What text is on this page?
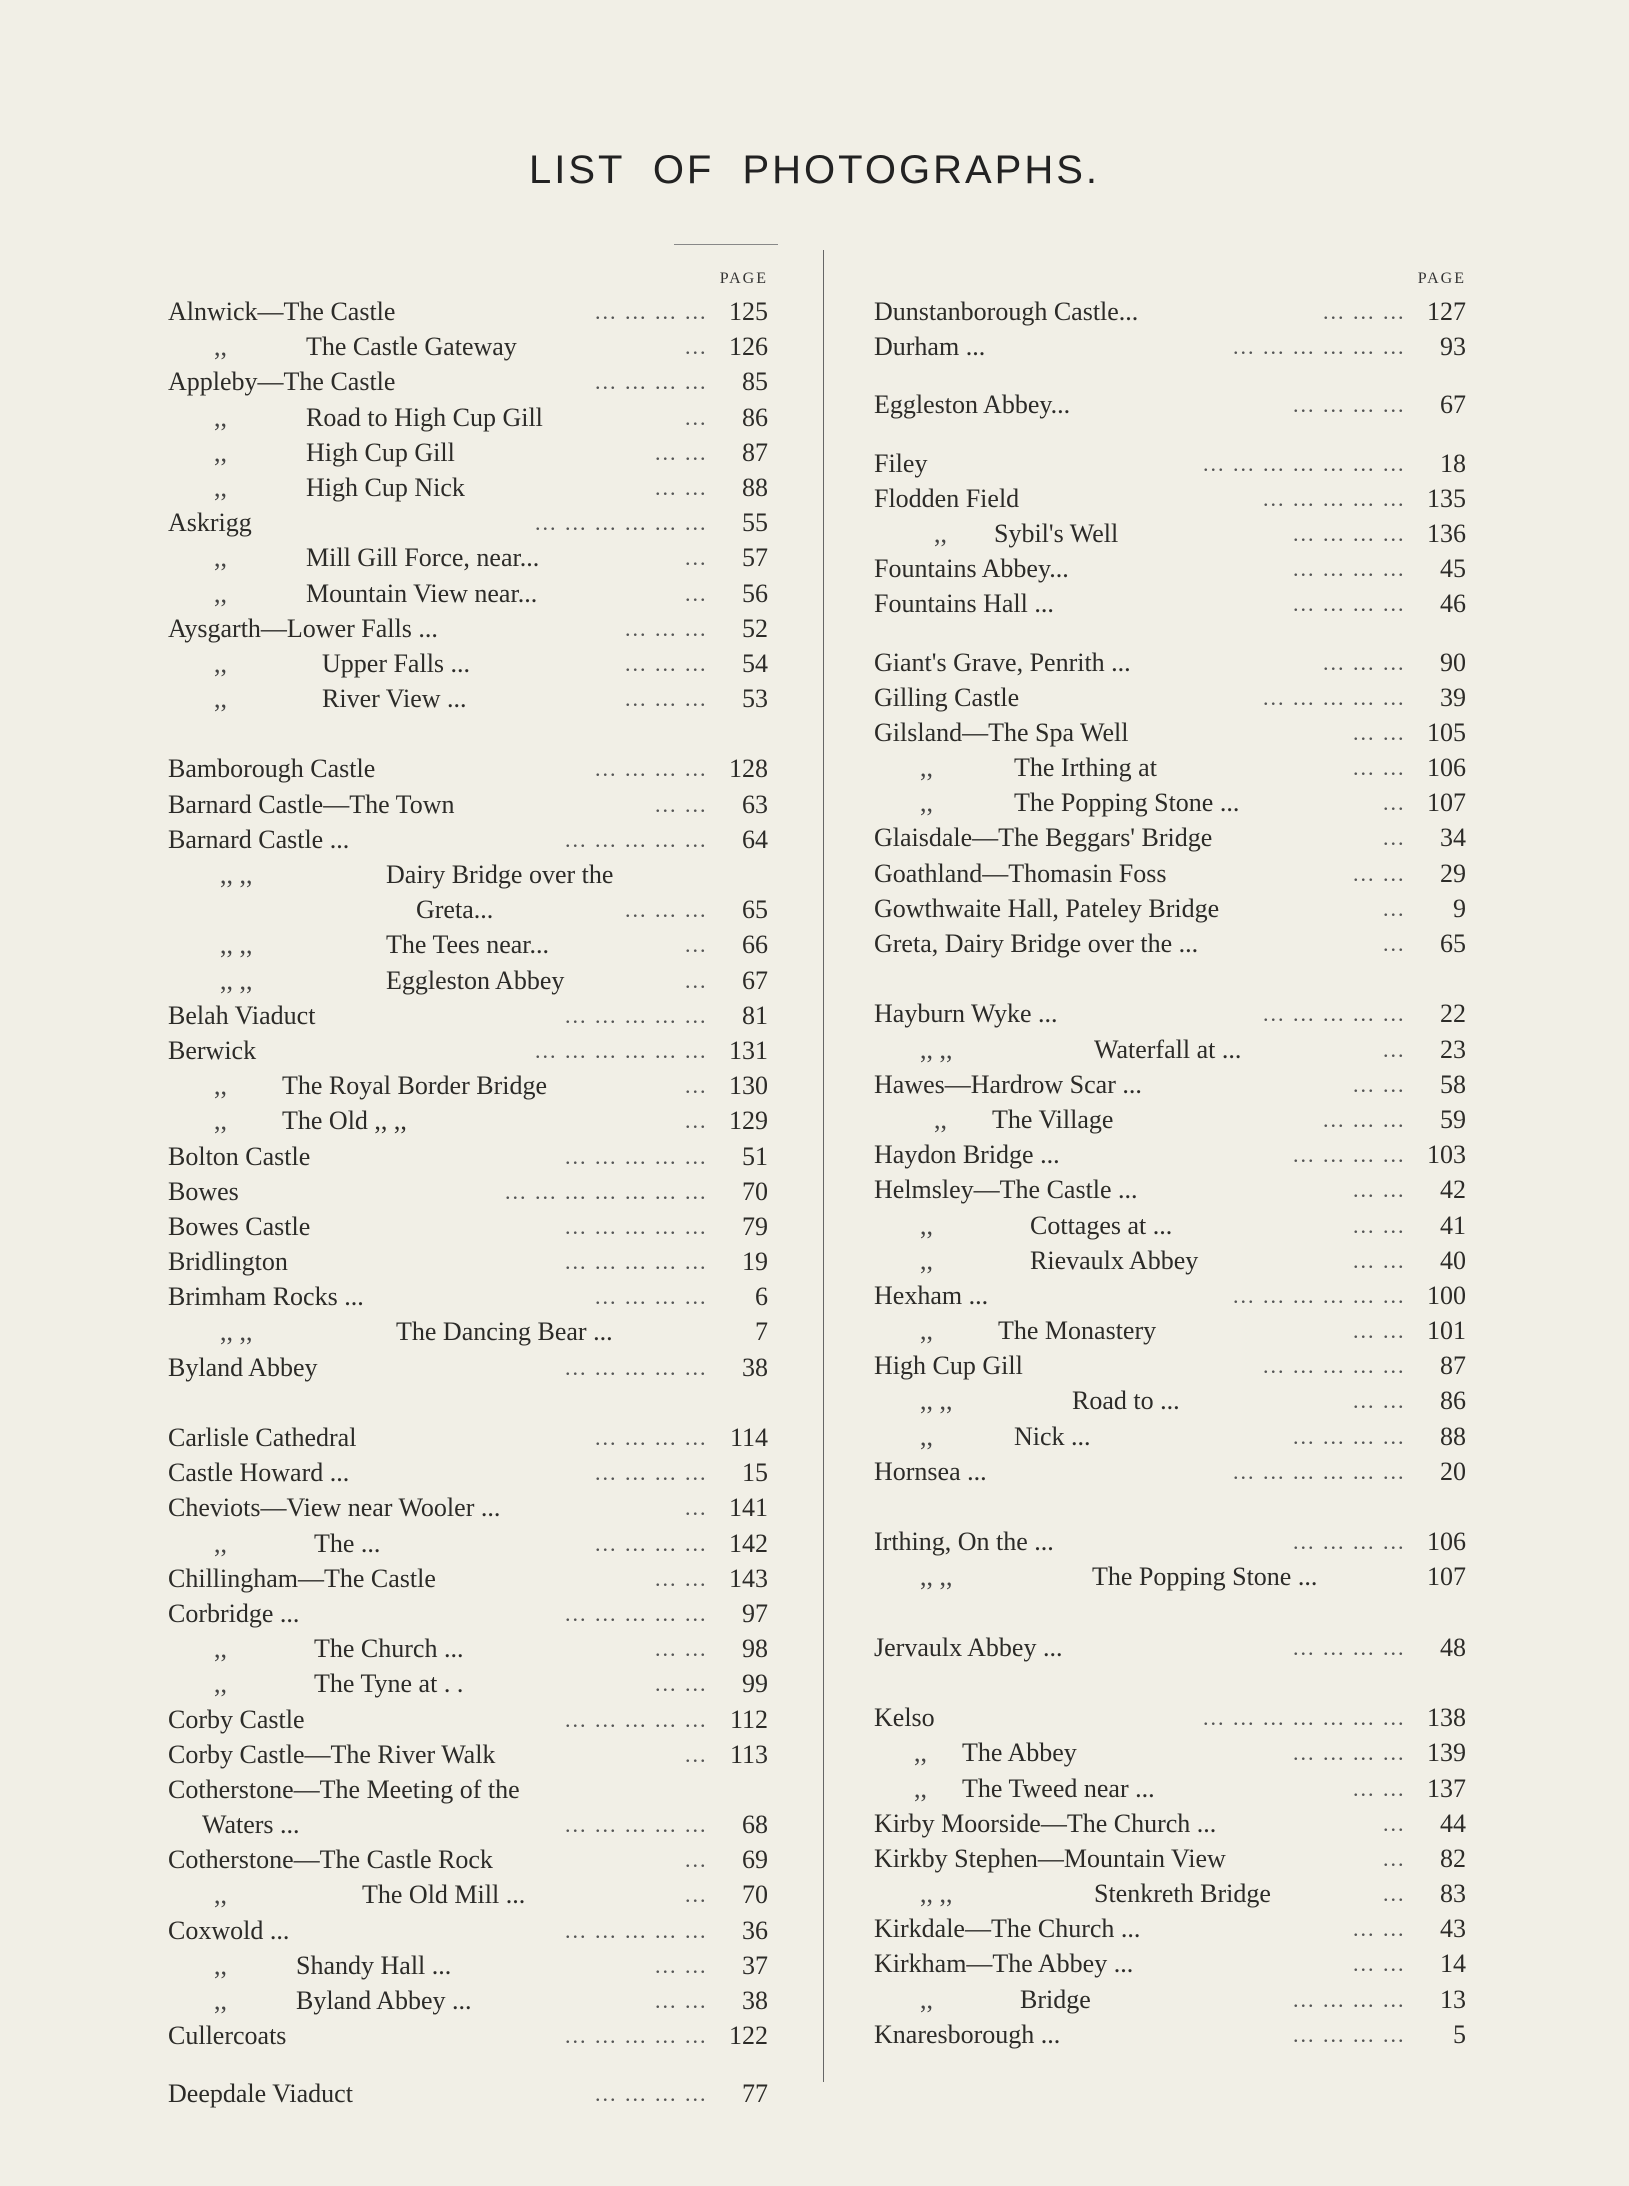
LIST OF PHOTOGRAPHS.
PAGE
Alnwick—The Castle	... ... ... ... 125
,,	The Castle Gateway	... 126
Appleby—The Castle	... ... ... ...	85
,,	Road to High Cup Gill	...	86
,,	High Cup Gill	... ...	87
,,	High Cup Nick	... ...	88
Askrigg	... ... ... ... ... ...	55
,,	Mill Gill Force, near...	...	57
,,	Mountain View near...	...	56
Aysgarth—Lower Falls ...	... ... ...	52
,,	Upper Falls ...	... ... ...	54
,,	River View ...	... ... ...	53
Bamborough Castle	... ... ... ... 128
Barnard Castle—The Town	... ...	63
Barnard Castle ...	... ... ... ... ...	64
,, ,,	Dairy Bridge over the
Greta...	... ... ...	65
,, ,,	The Tees near...	...	66
,, ,,	Eggleston Abbey	...	67
Belah Viaduct	... ... ... ... ...	81
Berwick	... ... ... ... ... ... 131
,, The Royal Border Bridge	... 130
,, The Old ,, ,,	... 129
Bolton Castle	... ... ... ... ...	51
Bowes	... ... ... ... ... ... ...	70
Bowes Castle	... ... ... ... ...	79
Bridlington	... ... ... ... ...	19
Brimham Rocks ...	... ... ... ...	6
,, ,,	The Dancing Bear ...	7
Byland Abbey	... ... ... ... ...	38
Carlisle Cathedral	... ... ... ... 114
Castle Howard ...	... ... ... ...	15
Cheviots—View near Wooler ...	... 141
,,	The ...	... ... ... ... 142
Chillingham—The Castle	... ... 143
Corbridge ...	... ... ... ... ...	97
,,	The Church ...	... ...	98
,,	The Tyne at . .	... ...	99
Corby Castle	... ... ... ... ... 112
Corby Castle—The River Walk	... 113
Cotherstone—The Meeting of the
Waters ...	... ... ... ... ...	68
Cotherstone—The Castle Rock	...	69
,,	The Old Mill ...	...	70
Coxwold ...	... ... ... ... ...	36
,,	Shandy Hall ...	... ...	37
,,	Byland Abbey ...	... ...	38
Cullercoats	... ... ... ... ... 122
Deepdale Viaduct	... ... ... ...	77
PAGE
Dunstanborough Castle...	... ... ... 127
Durham ...	... ... ... ... ... ...	93
Eggleston Abbey...	... ... ... ...	67
Filey	... ... ... ... ... ... ...	18
Flodden Field	... ... ... ... ... 135
,, Sybil's Well	... ... ... ... 136
Fountains Abbey...	... ... ... ...	45
Fountains Hall ...	... ... ... ...	46
Giant's Grave, Penrith ...	... ... ...	90
Gilling Castle	... ... ... ... ...	39
Gilsland—The Spa Well	... ... 105
,,	The Irthing at	... ... 106
,,	The Popping Stone ...	... 107
Glaisdale—The Beggars' Bridge	...	34
Goathland—Thomasin Foss	... ...	29
Gowthwaite Hall, Pateley Bridge	...	9
Greta, Dairy Bridge over the ...	...	65
Hayburn Wyke ...	... ... ... ... ...	22
,, ,,	Waterfall at ...	...	23
Hawes—Hardrow Scar ...	... ...	58
,, The Village	... ... ...	59
Haydon Bridge ...	... ... ... ... 103
Helmsley—The Castle ...	... ...	42
,,	Cottages at ...	... ...	41
,,	Rievaulx Abbey	... ...	40
Hexham ...	... ... ... ... ... ... 100
,,	The Monastery	... ... 101
High Cup Gill	... ... ... ... ...	87
,, ,,	Road to ...	... ...	86
,,	Nick ...	... ... ... ...	88
Hornsea ...	... ... ... ... ... ...	20
Irthing, On the ...	... ... ... ... 106
,, ,,	The Popping Stone ...	107
Jervaulx Abbey ...	... ... ... ...	48
Kelso	... ... ... ... ... ... ... 138
,, The Abbey	... ... ... ... 139
,, The Tweed near ...	... ... 137
Kirby Moorside—The Church ...	...	44
Kirkby Stephen—Mountain View	...	82
,, ,,	Stenkreth Bridge	...	83
Kirkdale—The Church ...	... ...	43
Kirkham—The Abbey ...	... ...	14
,,	Bridge	... ... ... ...	13
Knaresborough ...	... ... ... ...	5
